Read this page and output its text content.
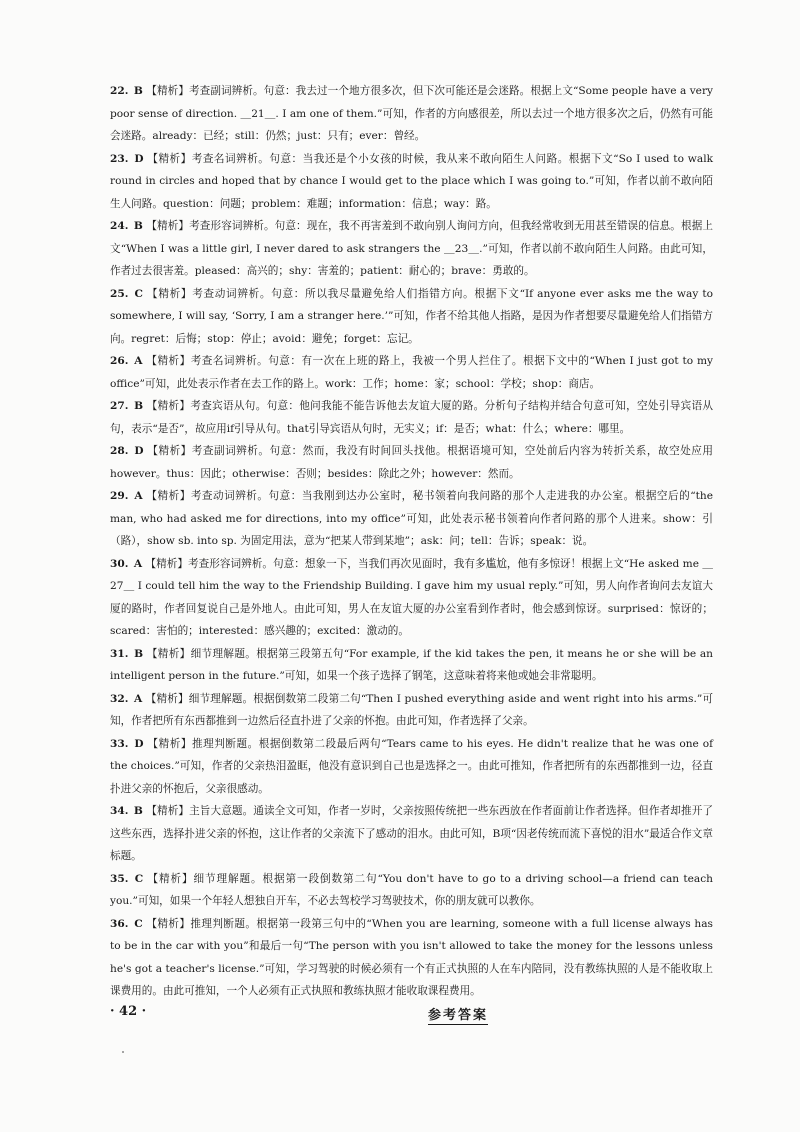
22. B 【精析】考查副词辨析。句意：我去过一个地方很多次，但下次可能还是会迷路。根据上文“Some people have a very poor sense of direction. ＿21＿. I am one of them.”可知，作者的方向感很差，所以去过一个地方很多次之后，仍然有可能会迷路。already：已经；still：仍然；just：只有；ever：曾经。

23. D 【精析】考查名词辨析。句意：当我还是个小女孩的时候，我从来不敢向陌生人问路。根据下文“So I used to walk round in circles and hoped that by chance I would get to the place which I was going to.”可知，作者以前不敢向陌生人问路。question：问题；problem：难题；information：信息；way：路。

24. B 【精析】考查形容词辨析。句意：现在，我不再害羞到不敢向别人询问方向，但我经常收到无用甚至错误的信息。根据上文“When I was a little girl, I never dared to ask strangers the ＿23＿.”可知，作者以前不敢向陌生人问路。由此可知，作者过去很害羞。pleased：高兴的；shy：害羞的；patient：耐心的；brave：勇敢的。

25. C 【精析】考查动词辨析。句意：所以我尽量避免给人们指错方向。根据下文“If anyone ever asks me the way to somewhere, I will say, ‘Sorry, I am a stranger here.’”可知，作者不给其他人指路，是因为作者想要尽量避免给人们指错方向。regret：后悔；stop：停止；avoid：避免；forget：忘记。

26. A 【精析】考查名词辨析。句意：有一次在上班的路上，我被一个男人拦住了。根据下文中的“When I just got to my office”可知，此处表示作者在去工作的路上。work：工作；home：家；school：学校；shop：商店。

27. B 【精析】考查宾语从句。句意：他问我能不能告诉他去友谊大厦的路。分析句子结构并结合句意可知，空处引导宾语从句，表示“是否”，故应用if引导从句。that引导宾语从句时，无实义；if：是否；what：什么；where：哪里。

28. D 【精析】考查副词辨析。句意：然而，我没有时间回头找他。根据语境可知，空处前后内容为转折关系，故空处应用however。thus：因此；otherwise：否则；besides：除此之外；however：然而。

29. A 【精析】考查动词辨析。句意：当我刚到达办公室时，秘书领着向我问路的那个人走进我的办公室。根据空后的“the man, who had asked me for directions, into my office”可知，此处表示秘书领着向作者问路的那个人进来。show：引（路），show sb. into sp. 为固定用法，意为“把某人带到某地”；ask：问；tell：告诉；speak：说。

30. A 【精析】考查形容词辨析。句意：想象一下，当我们再次见面时，我有多尴尬，他有多惊讶！根据上文“He asked me ＿27＿ I could tell him the way to the Friendship Building. I gave him my usual reply.”可知，男人向作者询问去友谊大厦的路时，作者回复说自己是外地人。由此可知，男人在友谊大厦的办公室看到作者时，他会感到惊讶。surprised：惊讶的；scared：害怕的；interested：感兴趣的；excited：激动的。

31. B 【精析】细节理解题。根据第三段第五句“For example, if the kid takes the pen, it means he or she will be an intelligent person in the future.”可知，如果一个孩子选择了钢笔，这意味着将来他或她会非常聪明。

32. A 【精析】细节理解题。根据倒数第二段第二句“Then I pushed everything aside and went right into his arms.”可知，作者把所有东西都推到一边然后径直扑进了父亲的怀抱。由此可知，作者选择了父亲。

33. D 【精析】推理判断题。根据倒数第二段最后两句“Tears came to his eyes. He didn't realize that he was one of the choices.”可知，作者的父亲热泪盈眶，他没有意识到自己也是选择之一。由此可推知，作者把所有的东西都推到一边，径直扑进父亲的怀抱后，父亲很感动。

34. B 【精析】主旨大意题。通读全文可知，作者一岁时，父亲按照传统把一些东西放在作者面前让作者选择。但作者却推开了这些东西，选择扑进父亲的怀抱，这让作者的父亲流下了感动的泪水。由此可知，B项“因老传统而流下喜悦的泪水”最适合作文章标题。

35. C 【精析】细节理解题。根据第一段倒数第二句“You don't have to go to a driving school—a friend can teach you.”可知，如果一个年轻人想独自开车，不必去驾校学习驾驶技术，你的朋友就可以教你。

36. C 【精析】推理判断题。根据第一段第三句中的“When you are learning, someone with a full license always has to be in the car with you”和最后一句“The person with you isn't allowed to take the money for the lessons unless he's got a teacher's license.”可知，学习驾驶的时候必须有一个有正式执照的人在车内陪同，没有教练执照的人是不能收取上课费用的。由此可推知，一个人必须有正式执照和教练执照才能收取课程费用。

· 42 ·	参考答案
